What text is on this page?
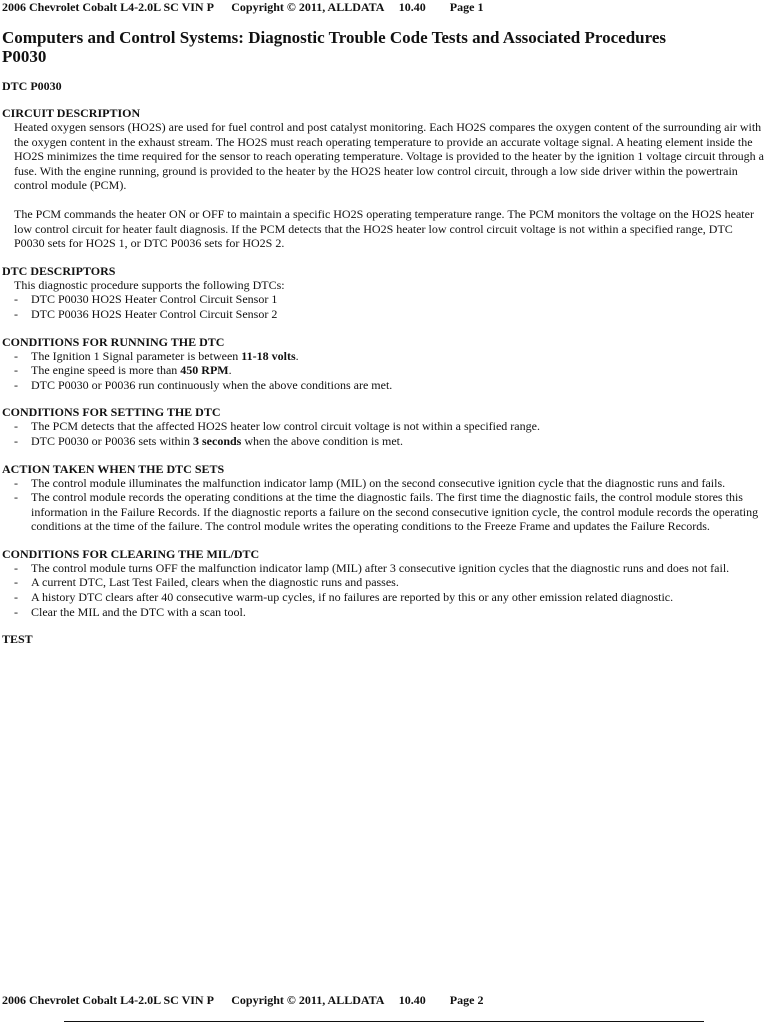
2006 Chevrolet Cobalt L4-2.0L SC VIN P Copyright © 2011, ALLDATA 10.40 Page 1
Computers and Control Systems: Diagnostic Trouble Code Tests and Associated Procedures
P0030
DTC P0030
CIRCUIT DESCRIPTION

Heated oxygen sensors (HO2S) are used for fuel control and post catalyst monitoring. Each HO2S compares the oxygen content of the surrounding air with the oxygen content in the exhaust stream. The HO2S must reach operating temperature to provide an accurate voltage signal. A heating element inside the HO2S minimizes the time required for the sensor to reach operating temperature. Voltage is provided to the heater by the ignition 1 voltage circuit through a fuse. With the engine running, ground is provided to the heater by the HO2S heater low control circuit, through a low side driver within the powertrain control module (PCM).

The PCM commands the heater ON or OFF to maintain a specific HO2S operating temperature range. The PCM monitors the voltage on the HO2S heater low control circuit for heater fault diagnosis. If the PCM detects that the HO2S heater low control circuit voltage is not within a specified range, DTC P0030 sets for HO2S 1, or DTC P0036 sets for HO2S 2.

DTC DESCRIPTORS

This diagnostic procedure supports the following DTCs:

- DTC P0030 HO2S Heater Control Circuit Sensor 1
- DTC P0036 HO2S Heater Control Circuit Sensor 2
CONDITIONS FOR RUNNING THE DTC
- The Ignition 1 Signal parameter is between 11-18 volts.
- The engine speed is more than 450 RPM.
- DTC P0030 or P0036 run continuously when the above conditions are met.
CONDITIONS FOR SETTING THE DTC
- The PCM detects that the affected HO2S heater low control circuit voltage is not within a specified range.
- DTC P0030 or P0036 sets within 3 seconds when the above condition is met.
ACTION TAKEN WHEN THE DTC SETS
- The control module illuminates the malfunction indicator lamp (MIL) on the second consecutive ignition cycle that the diagnostic runs and fails.
- The control module records the operating conditions at the time the diagnostic fails. The first time the diagnostic fails, the control module stores this information in the Failure Records. If the diagnostic reports a failure on the second consecutive ignition cycle, the control module records the operating conditions at the time of the failure. The control module writes the operating conditions to the Freeze Frame and updates the Failure Records.
CONDITIONS FOR CLEARING THE MIL/DTC
- The control module turns OFF the malfunction indicator lamp (MIL) after 3 consecutive ignition cycles that the diagnostic runs and does not fail.
- A current DTC, Last Test Failed, clears when the diagnostic runs and passes.
- A history DTC clears after 40 consecutive warm-up cycles, if no failures are reported by this or any other emission related diagnostic.
- Clear the MIL and the DTC with a scan tool.
TEST
2006 Chevrolet Cobalt L4-2.0L SC VIN P Copyright © 2011, ALLDATA 10.40 Page 2
